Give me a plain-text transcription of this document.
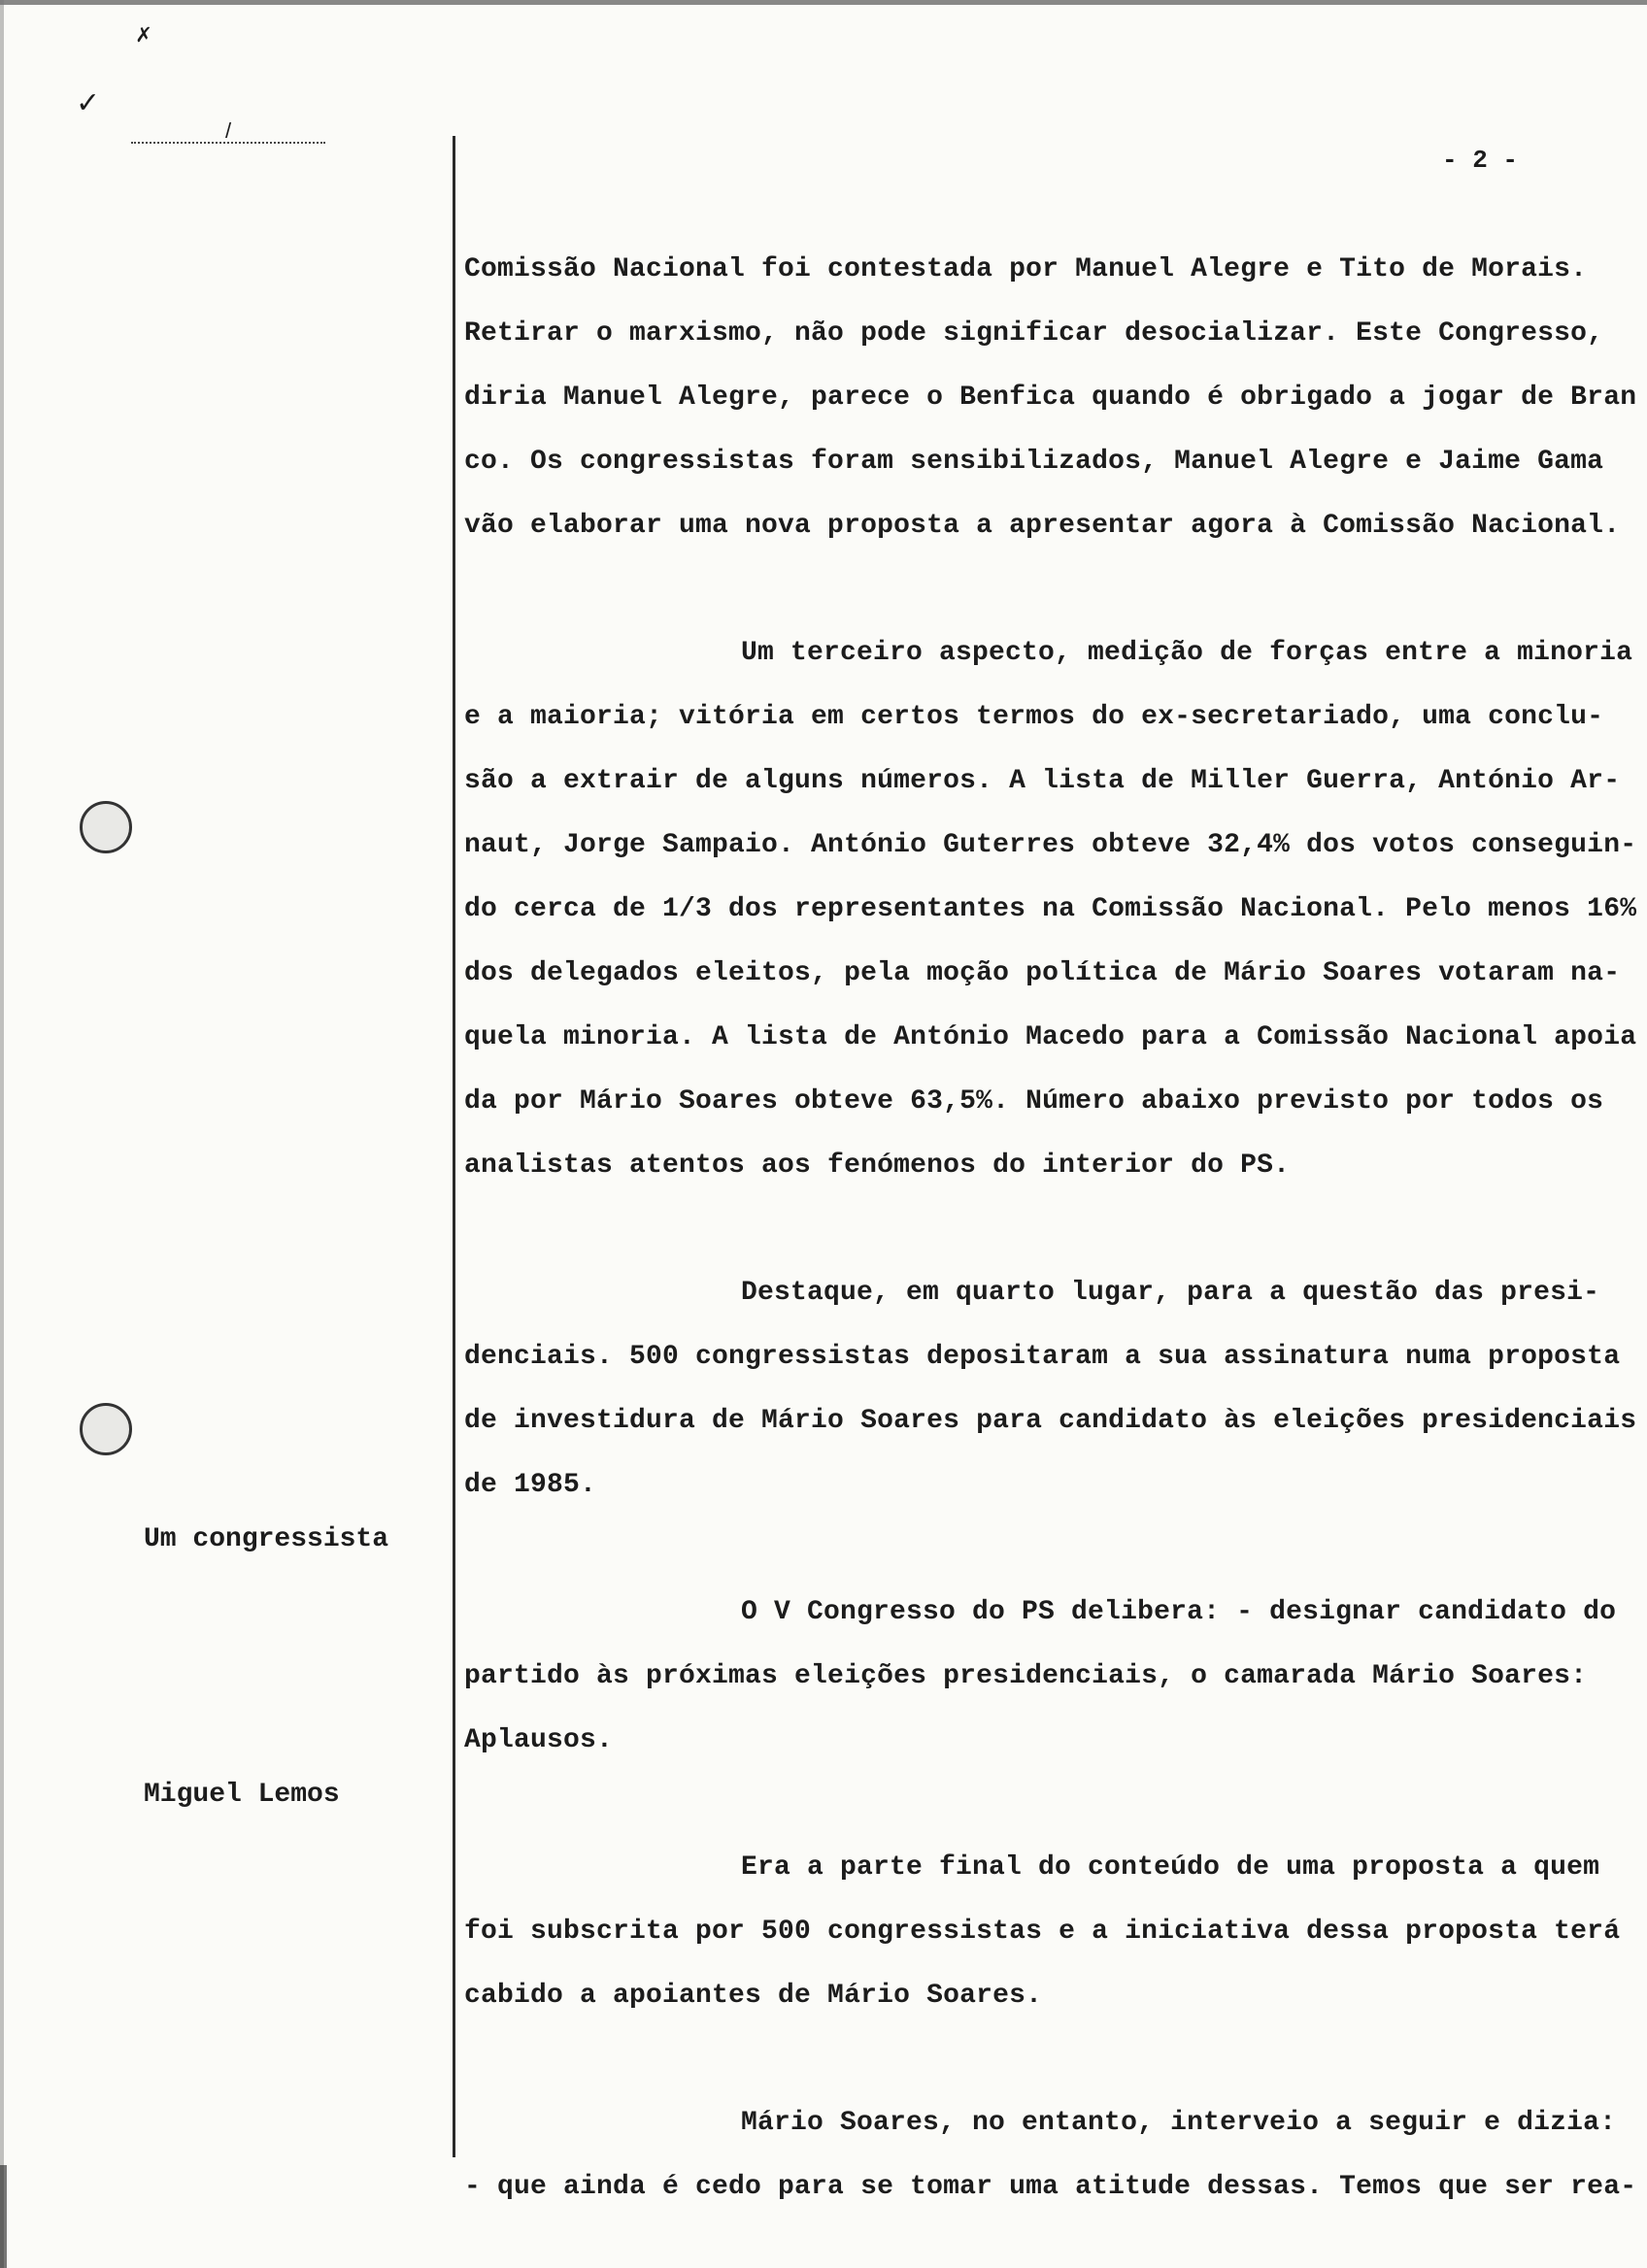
✗
✓
/
- 2 -
Um congressista
Miguel Lemos
Comissão Nacional foi contestada por Manuel Alegre e Tito de Morais.
Retirar o marxismo, não pode significar desocializar. Este Congresso,
diria Manuel Alegre, parece o Benfica quando é obrigado a jogar de Bran
co. Os congressistas foram sensibilizados, Manuel Alegre e Jaime Gama
vão elaborar uma nova proposta a apresentar agora à Comissão Nacional.
Um terceiro aspecto, medição de forças entre a minoria
e a maioria; vitória em certos termos do ex-secretariado, uma conclu-
são a extrair de alguns números. A lista de Miller Guerra, António Ar-
naut, Jorge Sampaio. António Guterres obteve 32,4% dos votos conseguin-
do cerca de 1/3 dos representantes na Comissão Nacional. Pelo menos 16%
dos delegados eleitos, pela moção política de Mário Soares votaram na-
quela minoria. A lista de António Macedo para a Comissão Nacional apoia
da por Mário Soares obteve 63,5%. Número abaixo previsto por todos os
analistas atentos aos fenómenos do interior do PS.
Destaque, em quarto lugar, para a questão das presi-
denciais. 500 congressistas depositaram a sua assinatura numa proposta
de investidura de Mário Soares para candidato às eleições presidenciais
de 1985.
O V Congresso do PS delibera: - designar candidato do
partido às próximas eleições presidenciais, o camarada Mário Soares:
Aplausos.
Era a parte final do conteúdo de uma proposta a quem
foi subscrita por 500 congressistas e a iniciativa dessa proposta terá
cabido a apoiantes de Mário Soares.
Mário Soares, no entanto, interveio a seguir e dizia:
- que ainda é cedo para se tomar uma atitude dessas. Temos que ser rea-
